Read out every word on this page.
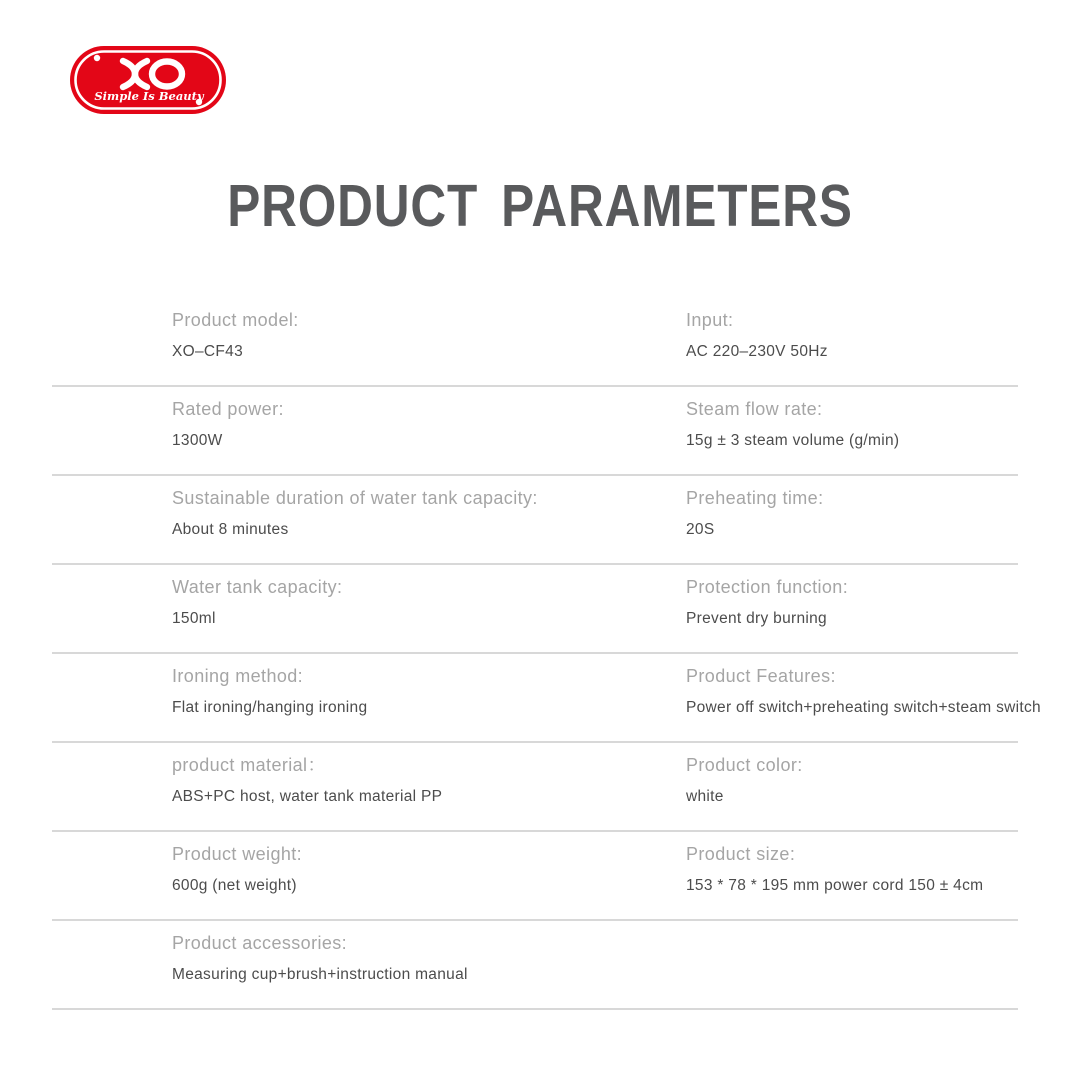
Simple Is Beauty
PRODUCT PARAMETERS
Product model:
XO–CF43
Input:
AC 220–230V 50Hz
Rated power:
1300W
Steam flow rate:
15g ± 3 steam volume (g/min)
Sustainable duration of water tank capacity:
About 8 minutes
Preheating time:
20S
Water tank capacity:
150ml
Protection function:
Prevent dry burning
Ironing method:
Flat ironing/hanging ironing
Product Features:
Power off switch+preheating switch+steam switch
product material：
ABS+PC host, water tank material PP
Product color:
white
Product weight:
600g (net weight)
Product size:
153 * 78 * 195 mm power cord 150 ± 4cm
Product accessories:
Measuring cup+brush+instruction manual
